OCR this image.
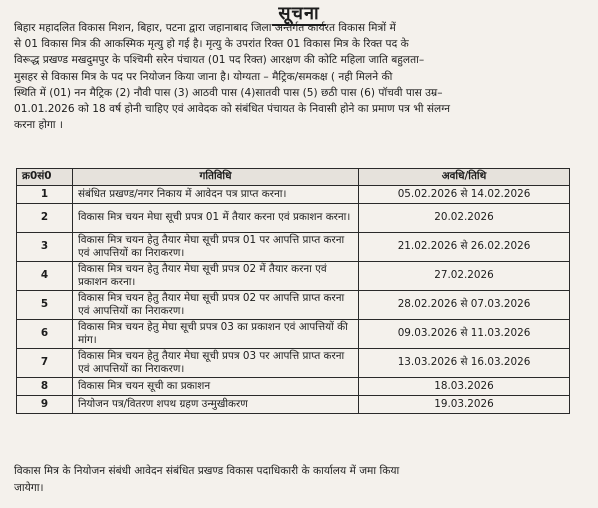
सूचना
बिहार महादलित विकास मिशन, बिहार, पटना द्वारा जहानाबाद जिला अन्तर्गत कार्यरत विकास मित्रों में
से 01 विकास मित्र की आकस्मिक मृत्यु हो गई है। मृत्यु के उपरांत रिक्त 01 विकास मित्र के रिक्त पद के
विरूद्ध प्रखण्ड मखदुमपुर के पश्चिमी सरेन पंचायत (01 पद रिक्त) आरक्षण की कोटि महिला जाति बहुलता–
मुसहर से विकास मित्र के पद पर नियोजन किया जाना है। योग्यता – मैट्रिक/समकक्ष ( नही मिलने की
स्थिति में (01) नन मैट्रिक (2) नौवी पास (3) आठवी पास (4)सातवी पास (5) छठी पास (6) पॉचवी पास उम्र–
01.01.2026 को 18 वर्ष होनी चाहिए एवं आवेदक को संबंधित पंचायत के निवासी होने का प्रमाण पत्र भी संलग्न
करना होगा ।
क्र0सं0	गतिविधि	अवधि/तिथि
1	संबंधित प्रखण्ड/नगर निकाय में आवेदन पत्र प्राप्त करना।	05.02.2026 से 14.02.2026
2	विकास मित्र चयन मेघा सूची प्रपत्र 01 में तैयार करना एवं प्रकाशन करना।	20.02.2026
3	विकास मित्र चयन हेतु तैयार मेघा सूची प्रपत्र 01 पर आपत्ति प्राप्त करना एवं आपत्तियों का निराकरण।	21.02.2026 से 26.02.2026
4	विकास मित्र चयन हेतु तैयार मेघा सूची प्रपत्र 02 में तैयार करना एवं प्रकाशन करना।	27.02.2026
5	विकास मित्र चयन हेतु तैयार मेघा सूची प्रपत्र 02 पर आपत्ति प्राप्त करना एवं आपत्तियों का निराकरण।	28.02.2026 से 07.03.2026
6	विकास मित्र चयन हेतु मेघा सूची प्रपत्र 03 का प्रकाशन एवं आपत्तियों की मांग।	09.03.2026 से 11.03.2026
7	विकास मित्र चयन हेतु तैयार मेघा सूची प्रपत्र 03 पर आपत्ति प्राप्त करना एवं आपत्तियों का निराकरण।	13.03.2026 से 16.03.2026
8	विकास मित्र चयन सूची का प्रकाशन	18.03.2026
9	नियोजन पत्र/वितरण शपथ ग्रहण उन्मुखीकरण	19.03.2026
विकास मित्र के नियोजन संबंधी आवेदन संबंधित प्रखण्ड विकास पदाधिकारी के कार्यालय में जमा किया
जायेगा।
